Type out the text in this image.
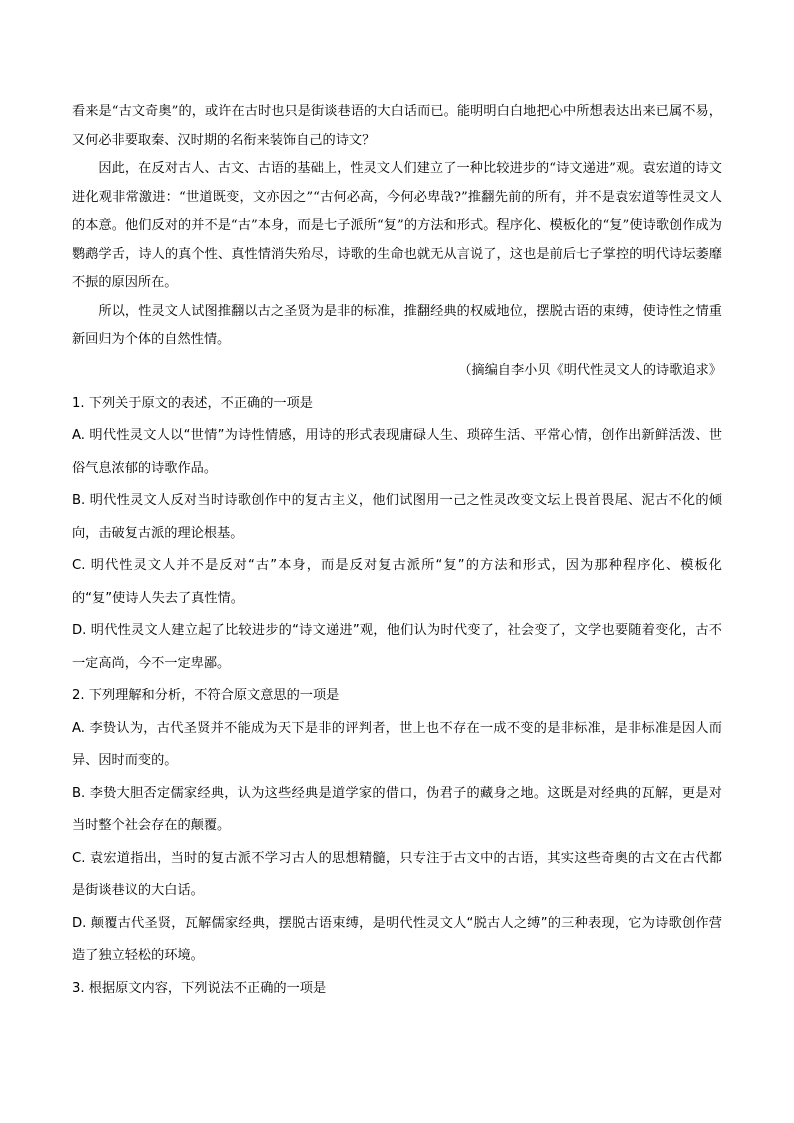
看来是“古文奇奥”的，或许在古时也只是街谈巷语的大白话而已。能明明白白地把心中所想表达出来已属不易，又何必非要取秦、汉时期的名衔来装饰自己的诗文？

因此，在反对古人、古文、古语的基础上，性灵文人们建立了一种比较进步的“诗文递进”观。袁宏道的诗文进化观非常激进：“世道既变，文亦因之”“古何必高，今何必卑哉?”推翻先前的所有，并不是袁宏道等性灵文人的本意。他们反对的并不是“古”本身，而是七子派所“复”的方法和形式。程序化、模板化的“复”使诗歌创作成为鹦鹉学舌，诗人的真个性、真性情消失殆尽，诗歌的生命也就无从言说了，这也是前后七子掌控的明代诗坛萎靡不振的原因所在。

所以，性灵文人试图推翻以古之圣贤为是非的标准，推翻经典的权威地位，摆脱古语的束缚，使诗性之情重新回归为个体的自然性情。

（摘编自李小贝《明代性灵文人的诗歌追求》

1. 下列关于原文的表述，不正确的一项是

A. 明代性灵文人以“世情”为诗性情感，用诗的形式表现庸碌人生、琐碎生活、平常心情，创作出新鲜活泼、世俗气息浓郁的诗歌作品。

B. 明代性灵文人反对当时诗歌创作中的复古主义，他们试图用一己之性灵改变文坛上畏首畏尾、泥古不化的倾向，击破复古派的理论根基。

C. 明代性灵文人并不是反对“古”本身，而是反对复古派所“复”的方法和形式，因为那种程序化、模板化的“复”使诗人失去了真性情。

D. 明代性灵文人建立起了比较进步的“诗文递进”观，他们认为时代变了，社会变了，文学也要随着变化，古不一定高尚，今不一定卑鄙。

2. 下列理解和分析，不符合原文意思的一项是

A. 李贽认为，古代圣贤并不能成为天下是非的评判者，世上也不存在一成不变的是非标准，是非标准是因人而异、因时而变的。

B. 李贽大胆否定儒家经典，认为这些经典是道学家的借口，伪君子的藏身之地。这既是对经典的瓦解，更是对当时整个社会存在的颠覆。

C. 袁宏道指出，当时的复古派不学习古人的思想精髓，只专注于古文中的古语，其实这些奇奥的古文在古代都是街谈巷议的大白话。

D. 颠覆古代圣贤，瓦解儒家经典，摆脱古语束缚，是明代性灵文人“脱古人之缚”的三种表现，它为诗歌创作营造了独立轻松的环境。

3. 根据原文内容，下列说法不正确的一项是
